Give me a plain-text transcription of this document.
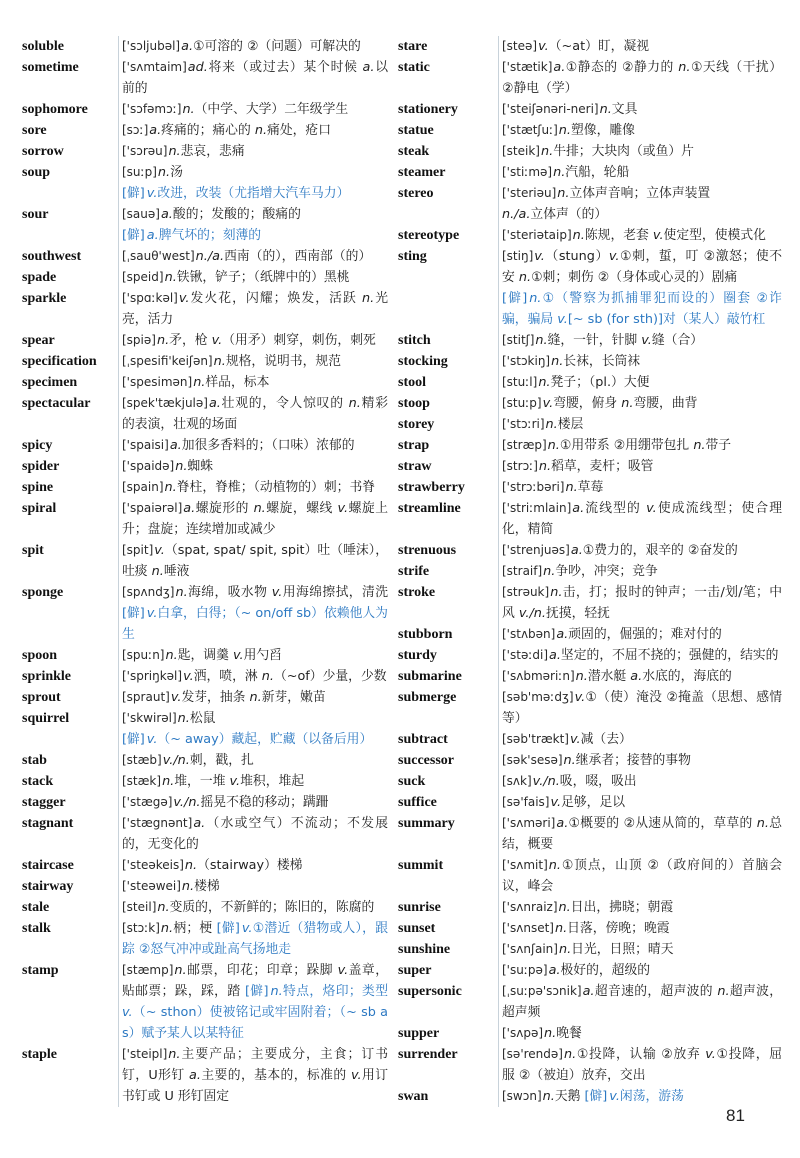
soluble	['sɔljubəl]a.①可溶的 ②（问题）可解决的
sometime	['sʌmtaim]ad.将来（或过去）某个时候 a.以前的
sophomore	['sɔfəmɔː]n.（中学、大学）二年级学生
sore	[sɔː]a.疼痛的；痛心的 n.痛处，疮口
sorrow	['sɔrəu]n.悲哀，悲痛
soup	[suːp]n.汤
[僻] v.改进，改装（尤指增大汽车马力）
sour	[sauə]a.酸的；发酸的；酸痛的
[僻] a.脾气坏的；刻薄的
southwest	[ˌsauθ'west]n./a.西南（的），西南部（的）
spade	[speid]n.铁锹，铲子；（纸牌中的）黑桃
sparkle	['spɑːkəl]v.发火花，闪耀；焕发，活跃 n.光亮，活力
spear	[spiə]n.矛，枪 v.（用矛）刺穿，刺伤，刺死
specification	[ˌspesifi'keiʃən]n.规格，说明书，规范
specimen	['spesimən]n.样品，标本
spectacular	[spek'tækjulə]a.壮观的，令人惊叹的 n.精彩的表演，壮观的场面
spicy	['spaisi]a.加很多香料的；（口味）浓郁的
spider	['spaidə]n.蜘蛛
spine	[spain]n.脊柱，脊椎；（动植物的）刺；书脊
spiral	['spaiərəl]a.螺旋形的 n.螺旋，螺线 v.螺旋上升；盘旋；连续增加或减少
spit	[spit]v.（spat, spat/ spit, spit）吐（唾沫），吐痰 n.唾液
sponge	[spʌndʒ]n.海绵，吸水物 v.用海绵擦拭，清洗 [僻] v.白拿，白得；（~ on/off sb）依赖他人为生
spoon	[spuːn]n.匙，调羹 v.用勺舀
sprinkle	['spriŋkəl]v.洒，喷，淋 n.（~of）少量，少数
sprout	[spraut]v.发芽，抽条 n.新芽，嫩苗
squirrel	['skwirəl]n.松鼠
[僻] v.（~ away）藏起，贮藏（以备后用）
stab	[stæb]v./n.刺，戳，扎
stack	[stæk]n.堆，一堆 v.堆积，堆起
stagger	['stægə]v./n.摇晃不稳的移动；蹒跚
stagnant	['stægnənt]a.（水或空气）不流动；不发展的，无变化的
staircase	['steəkeis]n.（stairway）楼梯
stairway	['steəwei]n.楼梯
stale	[steil]n.变质的，不新鲜的；陈旧的，陈腐的
stalk	[stɔːk]n.柄；梗 [僻] v.①潜近（猎物或人），跟踪 ②怒气冲冲或趾高气扬地走
stamp	[stæmp]n.邮票，印花；印章；跺脚 v.盖章，贴邮票；跺，踩，踏 [僻] n.特点，烙印；类型 v.（~ sthon）使被铭记或牢固附着；（~ sb as）赋予某人以某特征
staple	['steipl]n.主要产品；主要成分，主食；订书钉，U形钉 a.主要的，基本的，标准的 v.用订书钉或 U 形钉固定
stare	[steə]v.（~at）盯，凝视
static	['stætik]a.①静态的 ②静力的 n.①天线（干扰） ②静电（学）
stationery	['steiʃənəri-neri]n.文具
statue	['stætʃuː]n.塑像，雕像
steak	[steik]n.牛排；大块肉（或鱼）片
steamer	['stiːmə]n.汽船，轮船
stereo	['steriəu]n.立体声音响；立体声装置
n./a.立体声（的）
stereotype	['steriətaip]n.陈规，老套 v.使定型，使模式化
sting	[stiŋ]v.（stung）v.①刺，蜇，叮 ②激怒；使不安 n.①刺；刺伤 ②（身体或心灵的）剧痛
[僻] n.①（警察为抓捕罪犯而设的）圈套 ②诈骗，骗局 v.[~ sb (for sth)]对（某人）敲竹杠
stitch	[stitʃ]n.缝，一针，针脚 v.缝（合）
stocking	['stɔkiŋ]n.长袜，长筒袜
stool	[stuːl]n.凳子；（pl.）大便
stoop	[stuːp]v.弯腰，俯身 n.弯腰，曲背
storey	['stɔːri]n.楼层
strap	[stræp]n.①用带系 ②用绷带包扎 n.带子
straw	[strɔː]n.稻草，麦杆；吸管
strawberry	['strɔːbəri]n.草莓
streamline	['striːmlain]a.流线型的 v.使成流线型；使合理化，精简
strenuous	['strenjuəs]a.①费力的，艰辛的 ②奋发的
strife	[straif]n.争吵，冲突；竞争
stroke	[strəuk]n.击，打；报时的钟声；一击/划/笔；中风 v./n.抚摸，轻抚
stubborn	['stʌbən]a.顽固的，倔强的；难对付的
sturdy	['stəːdi]a.坚定的，不屈不挠的；强健的，结实的
submarine	['sʌbməriːn]n.潜水艇 a.水底的，海底的
submerge	[səb'məːdʒ]v.①（使）淹没 ②掩盖（思想、感情等）
subtract	[səb'trækt]v.减（去）
successor	[sək'sesə]n.继承者；接替的事物
suck	[sʌk]v./n.吸，啜，吸出
suffice	[sə'fais]v.足够，足以
summary	['sʌməri]a.①概要的 ②从速从简的，草草的 n.总结，概要
summit	['sʌmit]n.①顶点，山顶 ②（政府间的）首脑会议，峰会
sunrise	['sʌnraiz]n.日出，拂晓；朝霞
sunset	['sʌnset]n.日落，傍晚；晚霞
sunshine	['sʌnʃain]n.日光，日照；晴天
super	['suːpə]a.极好的，超级的
supersonic	[ˌsuːpə'sɔnik]a.超音速的，超声波的 n.超声波，超声频
supper	['sʌpə]n.晚餐
surrender	[sə'rendə]n.①投降，认输 ②放弃 v.①投降，屈服 ②（被迫）放弃，交出
swan	[swɔn]n.天鹅 [僻] v.闲荡，游荡
81
